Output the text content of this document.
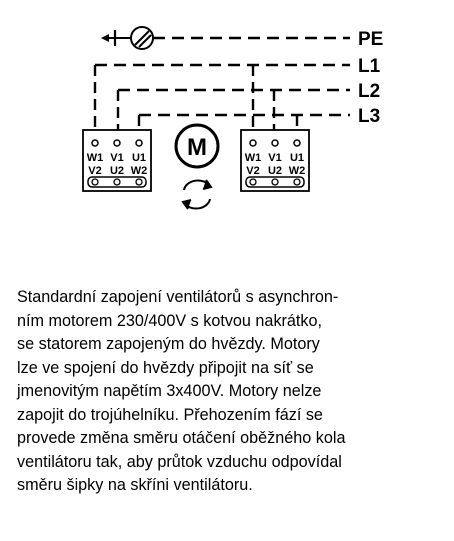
PE
L1
L2
L3
W1 V1 U1
V2 U2 W2
M	W1 V1 U1
V2 U2 W2

Standardní zapojení ventilátorů s asynchron-
ním motorem 230/400V s kotvou nakrátko,
se statorem zapojeným do hvězdy. Motory
lze ve spojení do hvězdy připojit na síť se
jmenovitým napětím 3x400V. Motory nelze
zapojit do trojúhelníku. Přehozením fází se
provede změna směru otáčení oběžného kola
ventilátoru tak, aby průtok vzduchu odpovídal
směru šipky na skříni ventilátoru.
